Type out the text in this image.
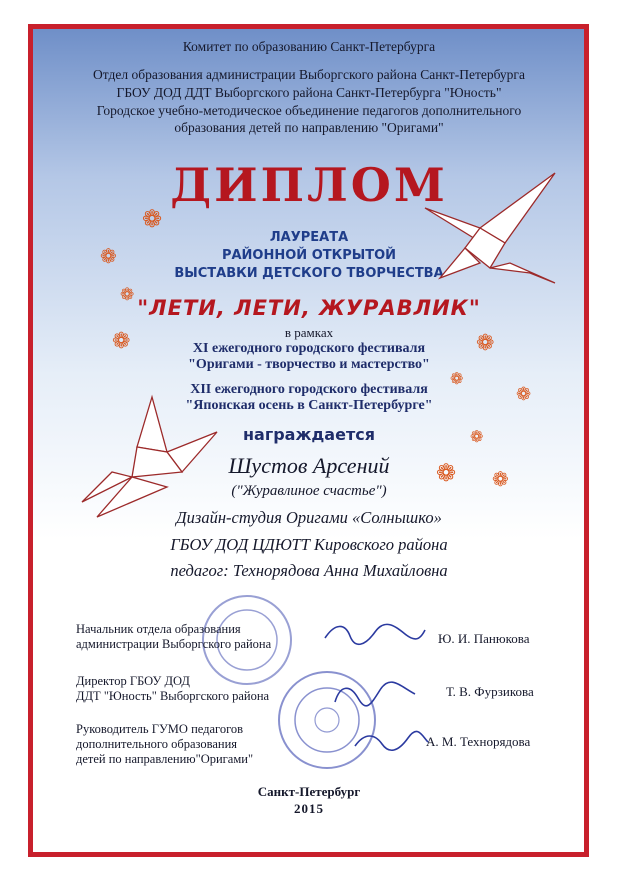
Комитет по образованию Санкт-Петербурга
Отдел образования администрации Выборгского района Санкт-Петербурга
ГБОУ ДОД ДДТ Выборгского района Санкт-Петербурга "Юность"
Городское учебно-методическое объединение педагогов дополнительного
образования детей по направлению "Оригами"
ДИПЛОМ
ЛАУРЕАТА
РАЙОННОЙ ОТКРЫТОЙ
ВЫСТАВКИ ДЕТСКОГО ТВОРЧЕСТВА
"ЛЕТИ, ЛЕТИ, ЖУРАВЛИК"
в рамках
XI ежегодного городского фестиваля
"Оригами - творчество и мастерство"
XII ежегодного городского фестиваля
"Японская осень в Санкт-Петербурге"
награждается
Шустов Арсений
("Журавлиное счастье")
Дизайн-студия Оригами «Солнышко»
ГБОУ ДОД ЦДЮТТ Кировского района
педагог: Технорядова Анна Михайловна
❁
❁
❁
❁	❁
❁
❁
❁
❁ ❁
Начальник отдела образования
администрации Выборгского района	Ю. И. Панюкова
Директор ГБОУ ДОД
ДДТ "Юность" Выборгского района	Т. В. Фурзикова
Руководитель ГУМО педагогов
дополнительного образования
детей по направлению"Оригами"
А. М. Технорядова
Санкт-Петербург
2015
